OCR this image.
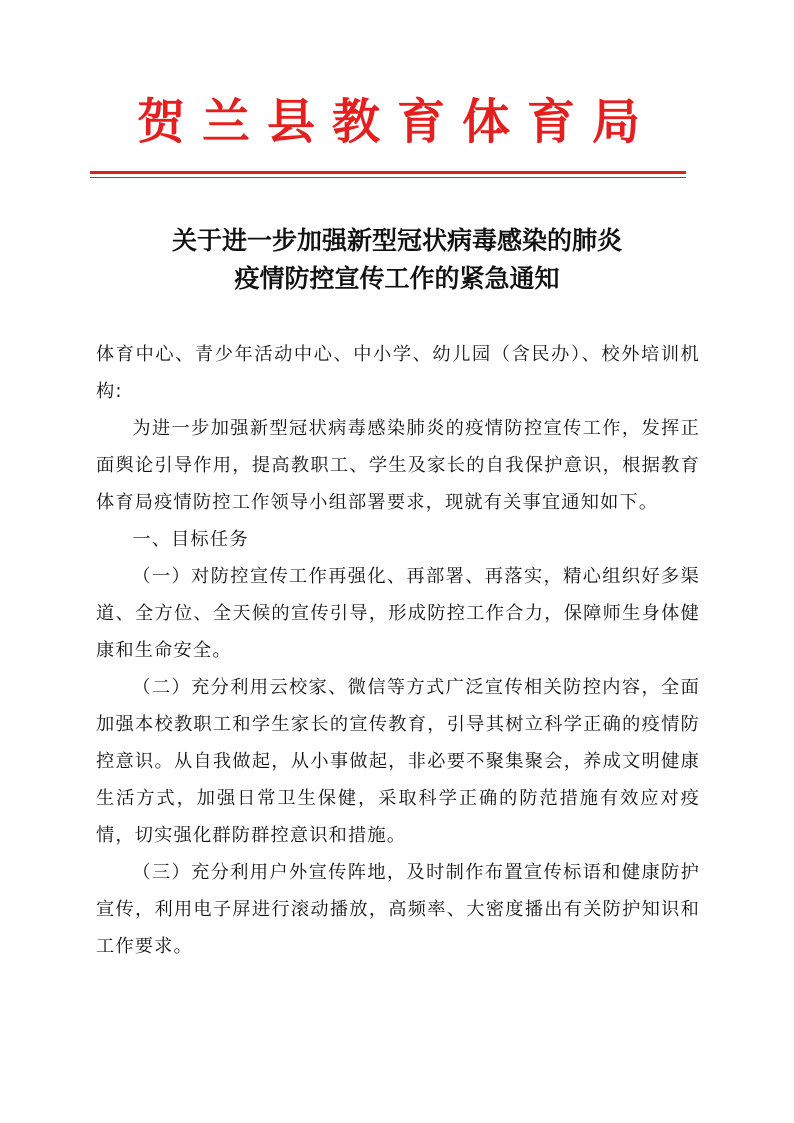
贺兰县教育体育局
关于进一步加强新型冠状病毒感染的肺炎
疫情防控宣传工作的紧急通知

体育中心、青少年活动中心、中小学、幼儿园（含民办）、校外培训机构:

为进一步加强新型冠状病毒感染肺炎的疫情防控宣传工作，发挥正面舆论引导作用，提高教职工、学生及家长的自我保护意识，根据教育体育局疫情防控工作领导小组部署要求，现就有关事宜通知如下。

一、目标任务

（一）对防控宣传工作再强化、再部署、再落实，精心组织好多渠道、全方位、全天候的宣传引导，形成防控工作合力，保障师生身体健康和生命安全。

（二）充分利用云校家、微信等方式广泛宣传相关防控内容，全面加强本校教职工和学生家长的宣传教育，引导其树立科学正确的疫情防控意识。从自我做起，从小事做起，非必要不聚集聚会，养成文明健康生活方式，加强日常卫生保健，采取科学正确的防范措施有效应对疫情，切实强化群防群控意识和措施。

（三）充分利用户外宣传阵地，及时制作布置宣传标语和健康防护宣传，利用电子屏进行滚动播放，高频率、大密度播出有关防护知识和工作要求。
